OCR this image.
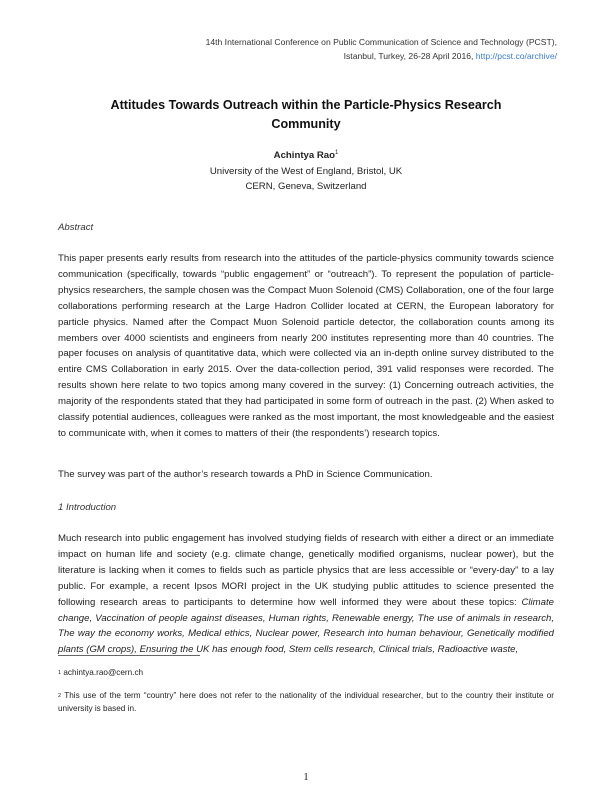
14th International Conference on Public Communication of Science and Technology (PCST),
Istanbul, Turkey, 26-28 April 2016, http://pcst.co/archive/
Attitudes Towards Outreach within the Particle-Physics Research
Community
Achintya Rao$^1$
University of the West of England, Bristol, UK
CERN, Geneva, Switzerland
Abstract

This paper presents early results from research into the attitudes of the particle-physics community towards science communication (specifically, towards “public engagement” or “outreach”). To represent the population of particle-physics researchers, the sample chosen was the Compact Muon Solenoid (CMS) Collaboration, one of the four large collaborations performing research at the Large Hadron Collider located at CERN, the European laboratory for particle physics. Named after the Compact Muon Solenoid particle detector, the collaboration counts among its members over 4000 scientists and engineers from nearly 200 institutes representing more than 40 countries. The paper focuses on analysis of quantitative data, which were collected via an in-depth online survey distributed to the entire CMS Collaboration in early 2015. Over the data-collection period, 391 valid responses were recorded. The results shown here relate to two topics among many covered in the survey: (1) Concerning outreach activities, the majority of the respondents stated that they had participated in some form of outreach in the past. (2) When asked to classify potential audiences, colleagues were ranked as the most important, the most knowledgeable and the easiest to communicate with, when it comes to matters of their (the respondents’) research topics.

The survey was part of the author’s research towards a PhD in Science Communication.

1 Introduction

Much research into public engagement has involved studying fields of research with either a direct or an immediate impact on human life and society (e.g. climate change, genetically modified organisms, nuclear power), but the literature is lacking when it comes to fields such as particle physics that are less accessible or “every-day” to a lay public. For example, a recent Ipsos MORI project in the UK studying public attitudes to science presented the following research areas to participants to determine how well informed they were about these topics: Climate change, Vaccination of people against diseases, Human rights, Renewable energy, The use of animals in research, The way the economy works, Medical ethics, Nuclear power, Research into human behaviour, Genetically modified plants (GM crops), Ensuring the UK has enough food, Stem cells research, Clinical trials, Radioactive waste,

$^1$ achintya.rao@cern.ch

$^2$ This use of the term “country” here does not refer to the nationality of the individual researcher, but to the country their institute or university is based in.

1
